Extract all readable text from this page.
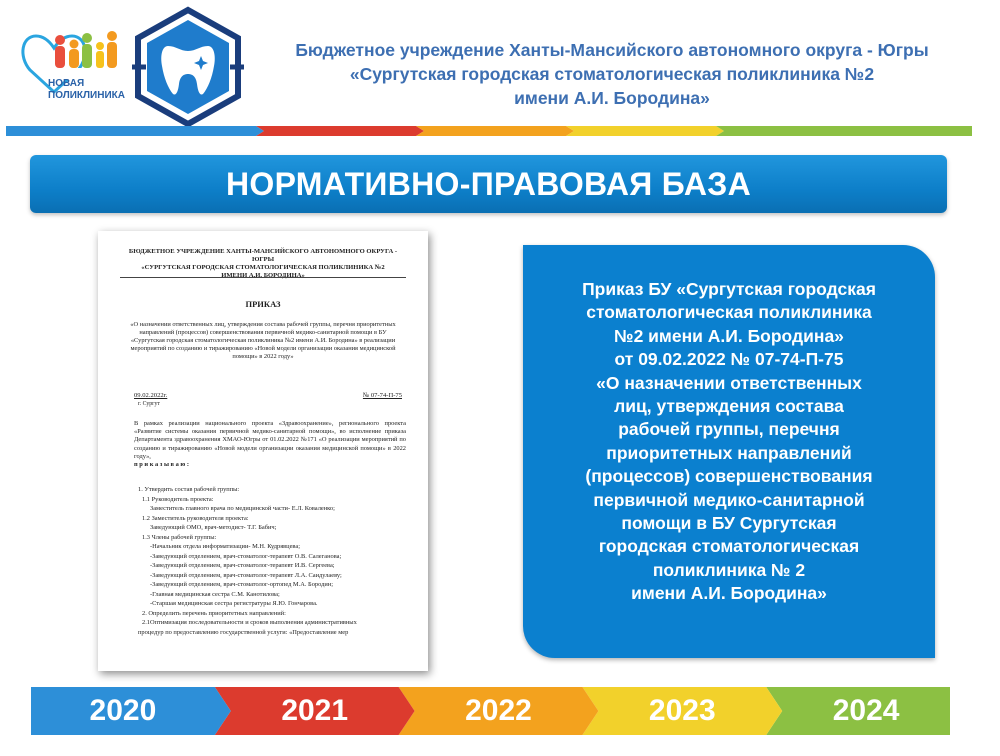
НОВАЯ
ПОЛИКЛИНИКА
Бюджетное учреждение Ханты-Мансийского автономного округа - Югры
«Сургутская городская стоматологическая поликлиника №2
имени А.И. Бородина»
НОРМАТИВНО-ПРАВОВАЯ БАЗА
БЮДЖЕТНОЕ УЧРЕЖДЕНИЕ ХАНТЫ-МАНСИЙСКОГО АВТОНОМНОГО ОКРУГА - ЮГРЫ
«СУРГУТСКАЯ ГОРОДСКАЯ СТОМАТОЛОГИЧЕСКАЯ ПОЛИКЛИНИКА №2
ИМЕНИ А.И. БОРОДИНА»
ПРИКАЗ
«О назначении ответственных лиц, утверждения состава рабочей группы, перечня приоритетных направлений (процессов) совершенствования первичной медико-санитарной помощи в БУ «Сургутская городская стоматологическая поликлиника №2 имени А.И. Бородина» в реализации мероприятий по созданию и тиражированию «Новой модели организации оказания медицинской помощи» в 2022 году»
09.02.2022г.	№ 07-74-П-75
г. Сургут
В рамках реализации национального проекта «Здравоохранение», регионального проекта «Развитие системы оказания первичной медико-санитарной помощи», во исполнение приказа Департамента здравоохранения ХМАО-Югры от 01.02.2022 №171 «О реализации мероприятий по созданию и тиражированию «Новой модели организации оказания медицинской помощи» в 2022 году»,
п р и к а з ы в а ю :
1. Утвердить состав рабочей группы:
1.1 Руководитель проекта:
Заместитель главного врача по медицинской части- Е.Л. Коваленко;
1.2 Заместитель руководителя проекта:
Заведующий ОМО, врач-методист- Т.Г. Бабич;
1.3 Члены рабочей группы:
-Начальник отдела информатизации- М.Н. Кудрявцева;
-Заведующий отделением, врач-стоматолог-терапевт О.В. Салеганова;
-Заведующий отделением, врач-стоматолог-терапевт И.В. Сергеева;
-Заведующий отделением, врач-стоматолог-терапевт Л.А. Саидулаеву;
-Заведующий отделением, врач-стоматолог-ортопед М.А. Бородин;
-Главная медицинская сестра С.М. Канотилова;
-Старшая медицинская сестра регистратуры Я.Ю. Гончарова.
2. Определить перечень приоритетных направлений:
2.1Оптимизация последовательности и сроков выполнения административных
процедур по предоставлению государственной услуги: «Предоставление мер
Приказ БУ «Сургутская городская
стоматологическая поликлиника
№2 имени А.И. Бородина»
от 09.02.2022 № 07-74-П-75
«О назначении ответственных
лиц, утверждения состава
рабочей группы, перечня
приоритетных направлений
(процессов) совершенствования
первичной медико-санитарной
помощи в БУ Сургутская
городская стоматологическая
поликлиника № 2
имени А.И. Бородина»
2020	2021	2022	2023	2024
